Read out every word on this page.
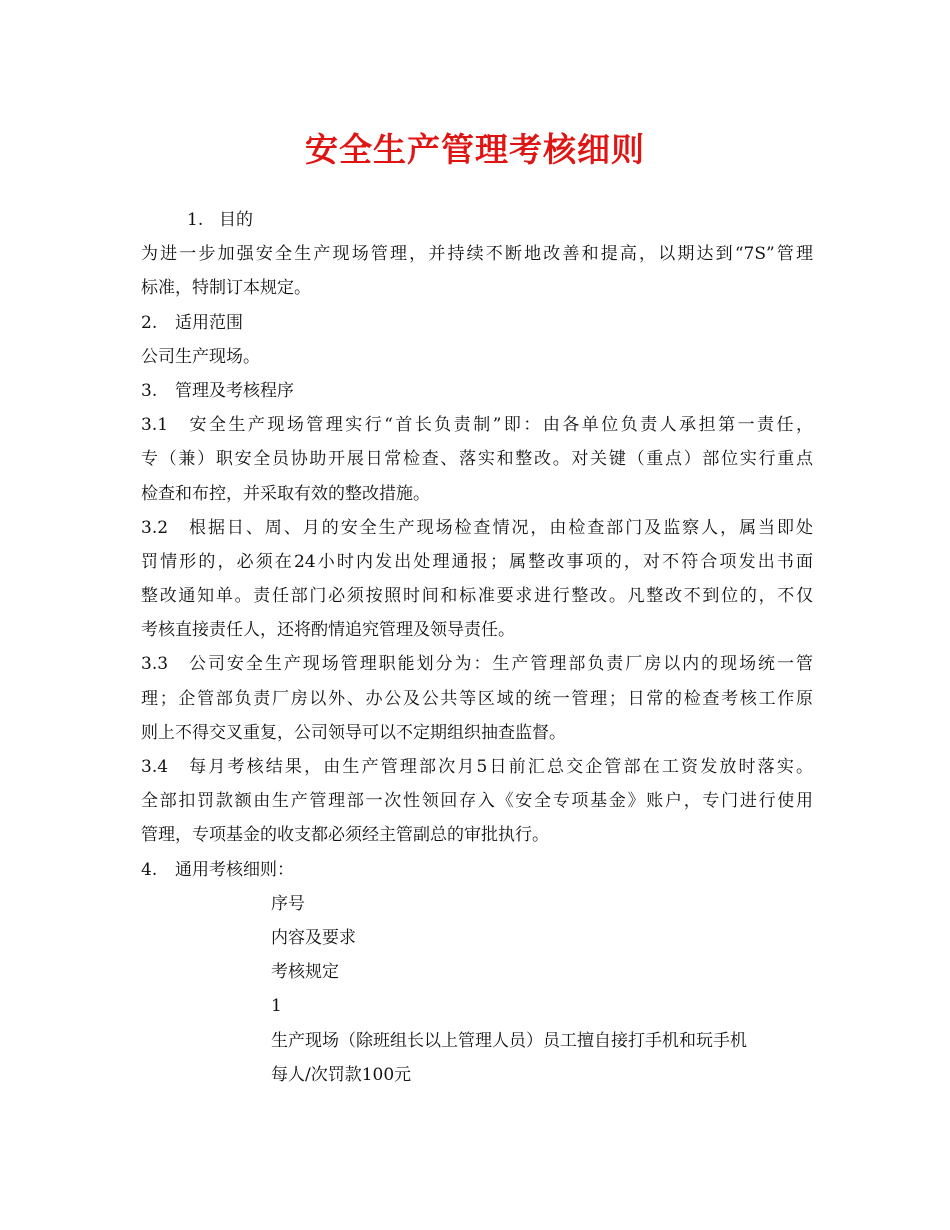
安全生产管理考核细则
1. 目的
为进一步加强安全生产现场管理，并持续不断地改善和提高，以期达到“7S”管理
标准，特制订本规定。
2. 适用范围
公司生产现场。
3. 管理及考核程序
3.1 安全生产现场管理实行“首长负责制”即：由各单位负责人承担第一责任，
专（兼）职安全员协助开展日常检查、落实和整改。对关键（重点）部位实行重点
检查和布控，并采取有效的整改措施。
3.2 根据日、周、月的安全生产现场检查情况，由检查部门及监察人，属当即处
罚情形的，必须在24小时内发出处理通报；属整改事项的，对不符合项发出书面
整改通知单。责任部门必须按照时间和标准要求进行整改。凡整改不到位的，不仅
考核直接责任人，还将酌情追究管理及领导责任。
3.3 公司安全生产现场管理职能划分为：生产管理部负责厂房以内的现场统一管
理；企管部负责厂房以外、办公及公共等区域的统一管理；日常的检查考核工作原
则上不得交叉重复，公司领导可以不定期组织抽查监督。
3.4 每月考核结果，由生产管理部次月5日前汇总交企管部在工资发放时落实。
全部扣罚款额由生产管理部一次性领回存入《安全专项基金》账户，专门进行使用
管理，专项基金的收支都必须经主管副总的审批执行。
4. 通用考核细则：
序号
内容及要求
考核规定
1
生产现场（除班组长以上管理人员）员工擅自接打手机和玩手机
每人/次罚款100元
